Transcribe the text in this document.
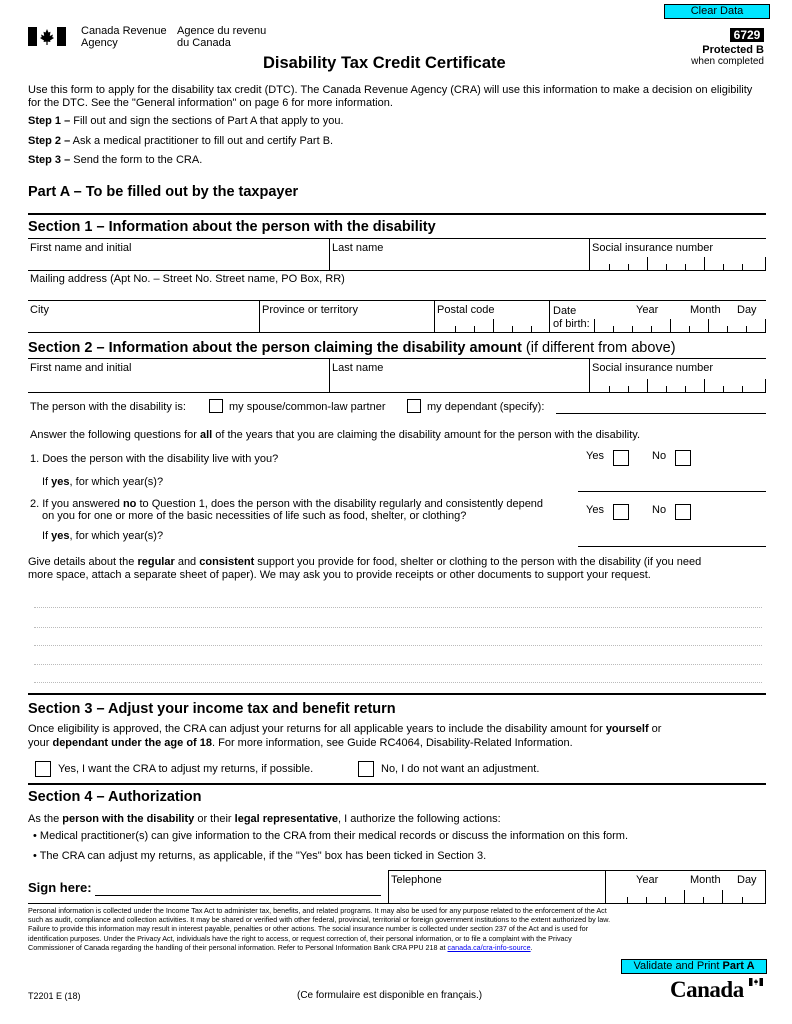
Clear Data
Canada Revenue
Agency
Agence du revenu
du Canada
6729
Protected B
when completed
Disability Tax Credit Certificate
Use this form to apply for the disability tax credit (DTC). The Canada Revenue Agency (CRA) will use this information to make a decision on eligibility for the DTC. See the "General information" on page 6 for more information.
Step 1 – Fill out and sign the sections of Part A that apply to you.
Step 2 – Ask a medical practitioner to fill out and certify Part B.
Step 3 – Send the form to the CRA.
Part A – To be filled out by the taxpayer
Section 1 – Information about the person with the disability
First name and initial	Last name	Social insurance number
Mailing address (Apt No. – Street No. Street name, PO Box, RR)
City	Province or territory	Postal code	Date
of birth:
Year	Month Day
Section 2 – Information about the person claiming the disability amount (if different from above)
First name and initial	Last name	Social insurance number
The person with the disability is:	my spouse/common-law partner	my dependant (specify):
Answer the following questions for all of the years that you are claiming the disability amount for the person with the disability.
1. Does the person with the disability live with you?	Yes	No
If yes, for which year(s)?
2. If you answered no to Question 1, does the person with the disability regularly and consistently depend
on you for one or more of the basic necessities of life such as food, shelter, or clothing?	Yes	No
If yes, for which year(s)?
Give details about the regular and consistent support you provide for food, shelter or clothing to the person with the disability (if you need
more space, attach a separate sheet of paper). We may ask you to provide receipts or other documents to support your request.
Section 3 – Adjust your income tax and benefit return
Once eligibility is approved, the CRA can adjust your returns for all applicable years to include the disability amount for yourself or
your dependant under the age of 18. For more information, see Guide RC4064, Disability-Related Information.
Yes, I want the CRA to adjust my returns, if possible.	No, I do not want an adjustment.
Section 4 – Authorization
As the person with the disability or their legal representative, I authorize the following actions:
• Medical practitioner(s) can give information to the CRA from their medical records or discuss the information on this form.
• The CRA can adjust my returns, as applicable, if the "Yes" box has been ticked in Section 3.
Sign here:	Telephone	Year	Month Day
Personal information is collected under the Income Tax Act to administer tax, benefits, and related programs. It may also be used for any purpose related to the enforcement of the Act
such as audit, compliance and collection activities. It may be shared or verified with other federal, provincial, territorial or foreign government institutions to the extent authorized by law.
Failure to provide this information may result in interest payable, penalties or other actions. The social insurance number is collected under section 237 of the Act and is used for
identification purposes. Under the Privacy Act, individuals have the right to access, or request correction of, their personal information, or to file a complaint with the Privacy
Commissioner of Canada regarding the handling of their personal information. Refer to Personal Information Bank CRA PPU 218 at canada.ca/cra-info-source.
Validate and Print Part A
T2201 E (18)	(Ce formulaire est disponible en français.)	Canada
